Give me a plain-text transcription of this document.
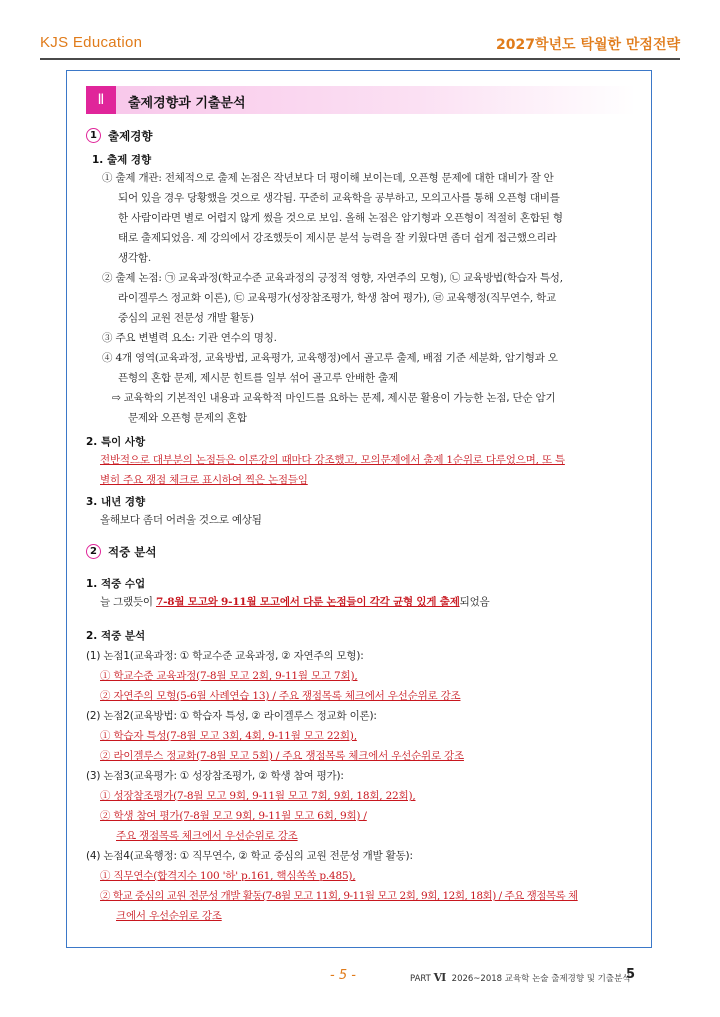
KJS Education	2027학년도 탁월한 만점전략
Ⅱ	출제경향과 기출분석
1 출제경향
1. 출제 경향
① 출제 개관: 전체적으로 출제 논점은 작년보다 더 평이해 보이는데, 오픈형 문제에 대한 대비가 잘 안
되어 있을 경우 당황했을 것으로 생각됨. 꾸준히 교육학을 공부하고, 모의고사를 통해 오픈형 대비를
한 사람이라면 별로 어렵지 않게 썼을 것으로 보임. 올해 논점은 암기형과 오픈형이 적절히 혼합된 형
태로 출제되었음. 제 강의에서 강조했듯이 제시문 분석 능력을 잘 키웠다면 좀더 쉽게 접근했으리라
생각함.
② 출제 논점: ㉠ 교육과정(학교수준 교육과정의 긍정적 영향, 자연주의 모형), ㉡ 교육방법(학습자 특성,
라이겔루스 정교화 이론), ㉢ 교육평가(성장참조평가, 학생 참여 평가), ㉣ 교육행정(직무연수, 학교
중심의 교원 전문성 개발 활동)
③ 주요 변별력 요소: 기관 연수의 명칭.
④ 4개 영역(교육과정, 교육방법, 교육평가, 교육행정)에서 골고루 출제, 배점 기준 세분화, 암기형과 오
픈형의 혼합 문제, 제시문 힌트를 일부 섞어 골고루 안배한 출제
⇨ 교육학의 기본적인 내용과 교육학적 마인드를 요하는 문제, 제시문 활용이 가능한 논점, 단순 암기
문제와 오픈형 문제의 혼합
2. 특이 사항
전반적으로 대부분의 논점들은 이론강의 때마다 강조했고, 모의문제에서 출제 1순위로 다루었으며, 또 특
별히 주요 쟁점 체크로 표시하여 찍은 논점들임
3. 내년 경향
올해보다 좀더 어려울 것으로 예상됨
2 적중 분석
1. 적중 수업
늘 그랬듯이 7-8월 모고와 9-11월 모고에서 다룬 논점들이 각각 균형 있게 출제되었음
2. 적중 분석
(1) 논점1(교육과정: ① 학교수준 교육과정, ② 자연주의 모형):
① 학교수준 교육과정(7-8월 모고 2회, 9-11월 모고 7회),
② 자연주의 모형(5-6월 사례연습 13) / 주요 쟁점목록 체크에서 우선순위로 강조
(2) 논점2(교육방법: ① 학습자 특성, ② 라이겔루스 정교화 이론):
① 학습자 특성(7-8월 모고 3회, 4회, 9-11월 모고 22회),
② 라이겔루스 정교화(7-8월 모고 5회) / 주요 쟁점목록 체크에서 우선순위로 강조
(3) 논점3(교육평가: ① 성장참조평가, ② 학생 참여 평가):
① 성장참조평가(7-8월 모고 9회, 9-11월 모고 7회, 9회, 18회, 22회),
② 학생 참여 평가(7-8월 모고 9회, 9-11월 모고 6회, 9회) /
주요 쟁점목록 체크에서 우선순위로 강조
(4) 논점4(교육행정: ① 직무연수, ② 학교 중심의 교원 전문성 개발 활동):
① 직무연수(합격지수 100 '하' p.161, 핵심쏙쏙 p.485),
② 학교 중심의 교원 전문성 개발 활동(7-8월 모고 11회, 9-11월 모고 2회, 9회, 12회, 18회) / 주요 쟁점목록 체
크에서 우선순위로 강조
- 5 -	PART Ⅵ 2026~2018 교육학 논술 출제경향 및 기출분석
5
